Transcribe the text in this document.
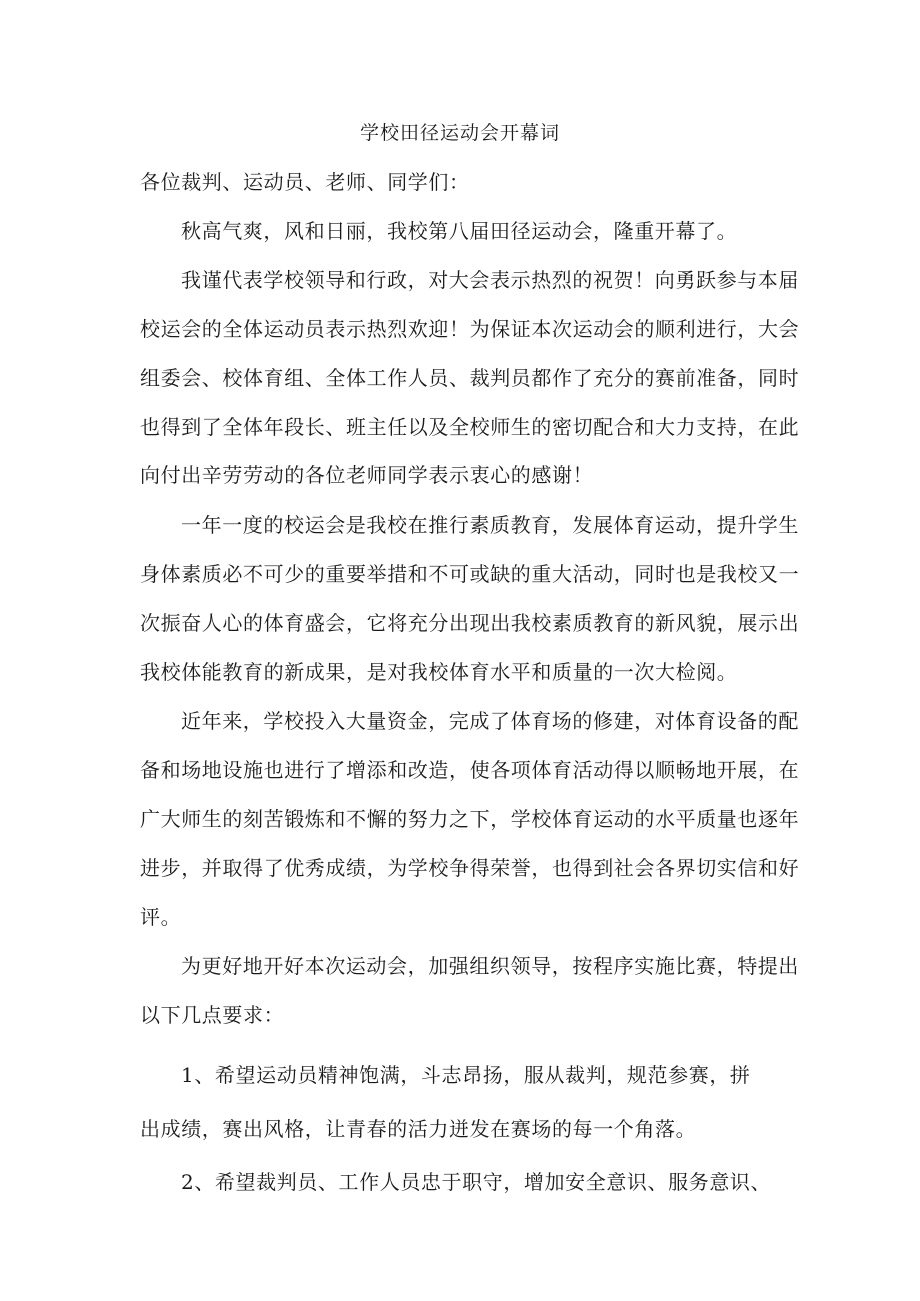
学校田径运动会开幕词
各位裁判、运动员、老师、同学们：
秋高气爽，风和日丽，我校第八届田径运动会，隆重开幕了。
我谨代表学校领导和行政，对大会表示热烈的祝贺！向勇跃参与本届
校运会的全体运动员表示热烈欢迎！为保证本次运动会的顺利进行，大会
组委会、校体育组、全体工作人员、裁判员都作了充分的赛前准备，同时
也得到了全体年段长、班主任以及全校师生的密切配合和大力支持，在此
向付出辛劳劳动的各位老师同学表示衷心的感谢！
一年一度的校运会是我校在推行素质教育，发展体育运动，提升学生
身体素质必不可少的重要举措和不可或缺的重大活动，同时也是我校又一
次振奋人心的体育盛会，它将充分出现出我校素质教育的新风貌，展示出
我校体能教育的新成果，是对我校体育水平和质量的一次大检阅。
近年来，学校投入大量资金，完成了体育场的修建，对体育设备的配
备和场地设施也进行了增添和改造，使各项体育活动得以顺畅地开展，在
广大师生的刻苦锻炼和不懈的努力之下，学校体育运动的水平质量也逐年
进步，并取得了优秀成绩，为学校争得荣誉，也得到社会各界切实信和好
评。
为更好地开好本次运动会，加强组织领导，按程序实施比赛，特提出
以下几点要求：
1、希望运动员精神饱满，斗志昂扬，服从裁判，规范参赛，拼
出成绩，赛出风格，让青春的活力迸发在赛场的每一个角落。
2、希望裁判员、工作人员忠于职守，增加安全意识、服务意识、
